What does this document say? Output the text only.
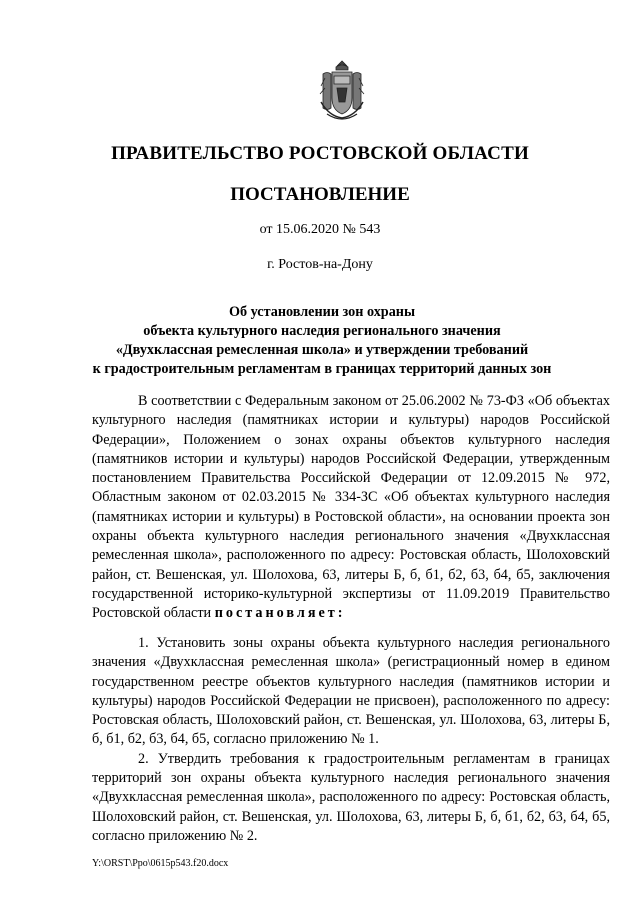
ПРАВИТЕЛЬСТВО РОСТОВСКОЙ ОБЛАСТИ
ПОСТАНОВЛЕНИЕ
от 15.06.2020 № 543
г. Ростов-на-Дону
Об установлении зон охраны
объекта культурного наследия регионального значения
«Двухклассная ремесленная школа» и утверждении требований
к градостроительным регламентам в границах территорий данных зон

В соответствии с Федеральным законом от 25.06.2002 № 73-ФЗ «Об объектах культурного наследия (памятниках истории и культуры) народов Российской Федерации», Положением о зонах охраны объектов культурного наследия (памятников истории и культуры) народов Российской Федерации, утвержденным постановлением Правительства Российской Федерации от 12.09.2015 № 972, Областным законом от 02.03.2015 № 334-ЗС «Об объектах культурного наследия (памятниках истории и культуры) в Ростовской области», на основании проекта зон охраны объекта культурного наследия регионального значения «Двухклассная ремесленная школа», расположенного по адресу: Ростовская область, Шолоховский район, ст. Вешенская, ул. Шолохова, 63, литеры Б, б, б1, б2, б3, б4, б5, заключения государственной историко-культурной экспертизы от 11.09.2019 Правительство Ростовской области постановляет:

1. Установить зоны охраны объекта культурного наследия регионального значения «Двухклассная ремесленная школа» (регистрационный номер в едином государственном реестре объектов культурного наследия (памятников истории и культуры) народов Российской Федерации не присвоен), расположенного по адресу: Ростовская область, Шолоховский район, ст. Вешенская, ул. Шолохова, 63, литеры Б, б, б1, б2, б3, б4, б5, согласно приложению № 1.

2. Утвердить требования к градостроительным регламентам в границах территорий зон охраны объекта культурного наследия регионального значения «Двухклассная ремесленная школа», расположенного по адресу: Ростовская область, Шолоховский район, ст. Вешенская, ул. Шолохова, 63, литеры Б, б, б1, б2, б3, б4, б5, согласно приложению № 2.

Y:\ORST\Ppo\0615p543.f20.docx
